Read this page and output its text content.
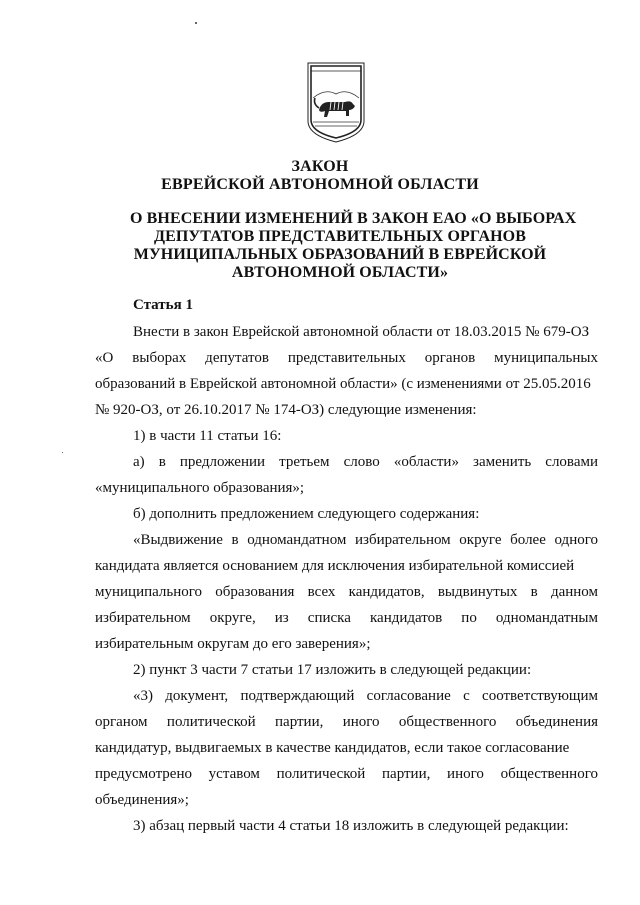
ЗАКОН
ЕВРЕЙСКОЙ АВТОНОМНОЙ ОБЛАСТИ
О ВНЕСЕНИИ ИЗМЕНЕНИЙ В ЗАКОН ЕАО «О ВЫБОРАХ
ДЕПУТАТОВ ПРЕДСТАВИТЕЛЬНЫХ ОРГАНОВ
МУНИЦИПАЛЬНЫХ ОБРАЗОВАНИЙ В ЕВРЕЙСКОЙ
АВТОНОМНОЙ ОБЛАСТИ»
Статья 1
Внести в закон Еврейской автономной области от 18.03.2015 № 679-ОЗ
«О выборах депутатов представительных органов муниципальных
образований в Еврейской автономной области» (с изменениями от 25.05.2016
№ 920-ОЗ, от 26.10.2017 № 174-ОЗ) следующие изменения:
1) в части 11 статьи 16:
а) в предложении третьем слово «области» заменить словами
«муниципального образования»;
б) дополнить предложением следующего содержания:
«Выдвижение в одномандатном избирательном округе более одного
кандидата является основанием для исключения избирательной комиссией
муниципального образования всех кандидатов, выдвинутых в данном
избирательном округе, из списка кандидатов по одномандатным
избирательным округам до его заверения»;
2) пункт 3 части 7 статьи 17 изложить в следующей редакции:
«3) документ, подтверждающий согласование с соответствующим
органом политической партии, иного общественного объединения
кандидатур, выдвигаемых в качестве кандидатов, если такое согласование
предусмотрено уставом политической партии, иного общественного
объединения»;
3) абзац первый части 4 статьи 18 изложить в следующей редакции:
